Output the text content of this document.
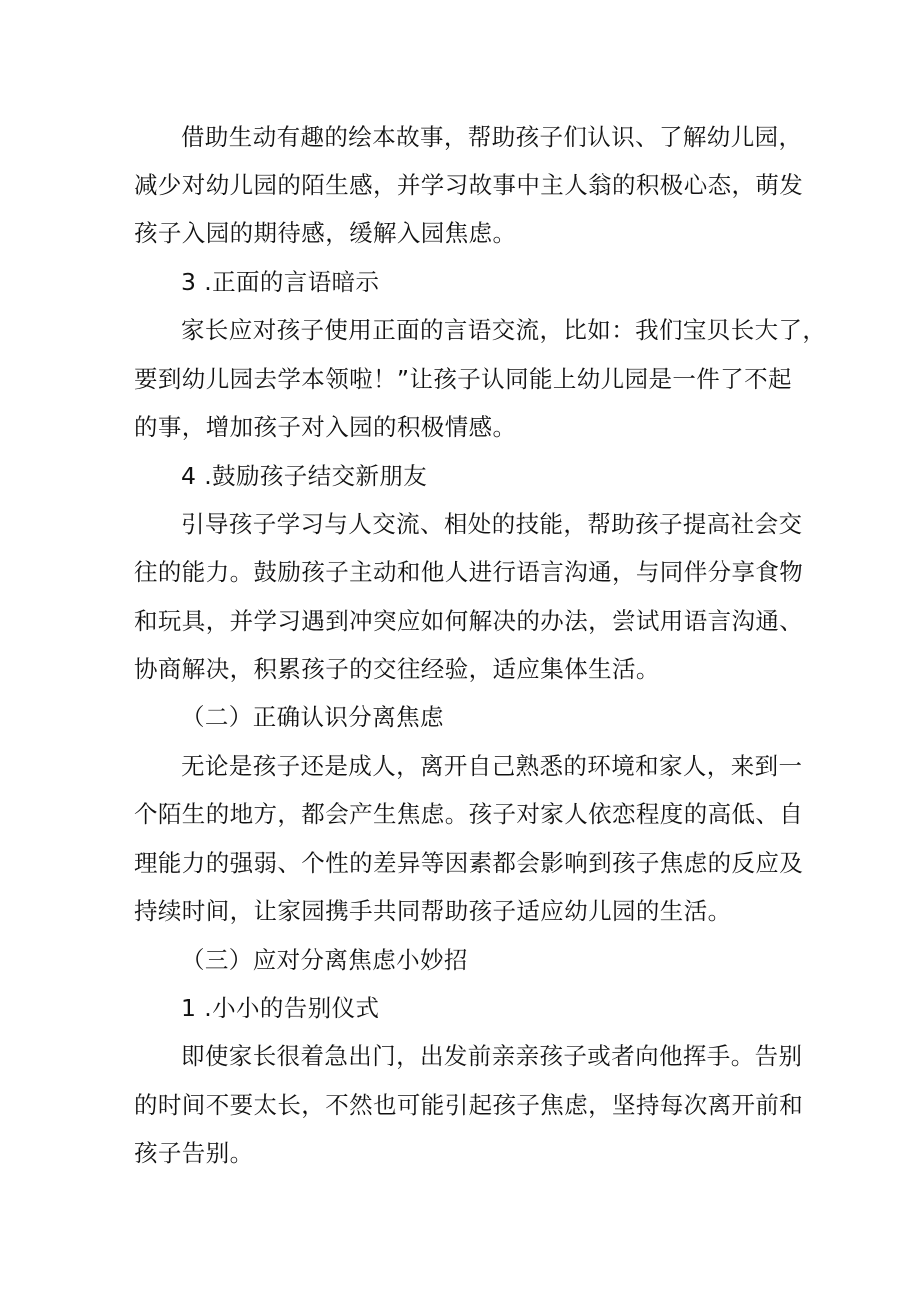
借助生动有趣的绘本故事，帮助孩子们认识、了解幼儿园，
减少对幼儿园的陌生感，并学习故事中主人翁的积极心态，萌发
孩子入园的期待感，缓解入园焦虑。
3 .正面的言语暗示
家长应对孩子使用正面的言语交流，比如：我们宝贝长大了，
要到幼儿园去学本领啦！”让孩子认同能上幼儿园是一件了不起
的事，增加孩子对入园的积极情感。
4 .鼓励孩子结交新朋友
引导孩子学习与人交流、相处的技能，帮助孩子提高社会交
往的能力。鼓励孩子主动和他人进行语言沟通，与同伴分享食物
和玩具，并学习遇到冲突应如何解决的办法，尝试用语言沟通、
协商解决，积累孩子的交往经验，适应集体生活。
（二）正确认识分离焦虑
无论是孩子还是成人，离开自己熟悉的环境和家人，来到一
个陌生的地方，都会产生焦虑。孩子对家人依恋程度的高低、自
理能力的强弱、个性的差异等因素都会影响到孩子焦虑的反应及
持续时间，让家园携手共同帮助孩子适应幼儿园的生活。
（三）应对分离焦虑小妙招
1 .小小的告别仪式
即使家长很着急出门，出发前亲亲孩子或者向他挥手。告别
的时间不要太长，不然也可能引起孩子焦虑，坚持每次离开前和
孩子告别。
